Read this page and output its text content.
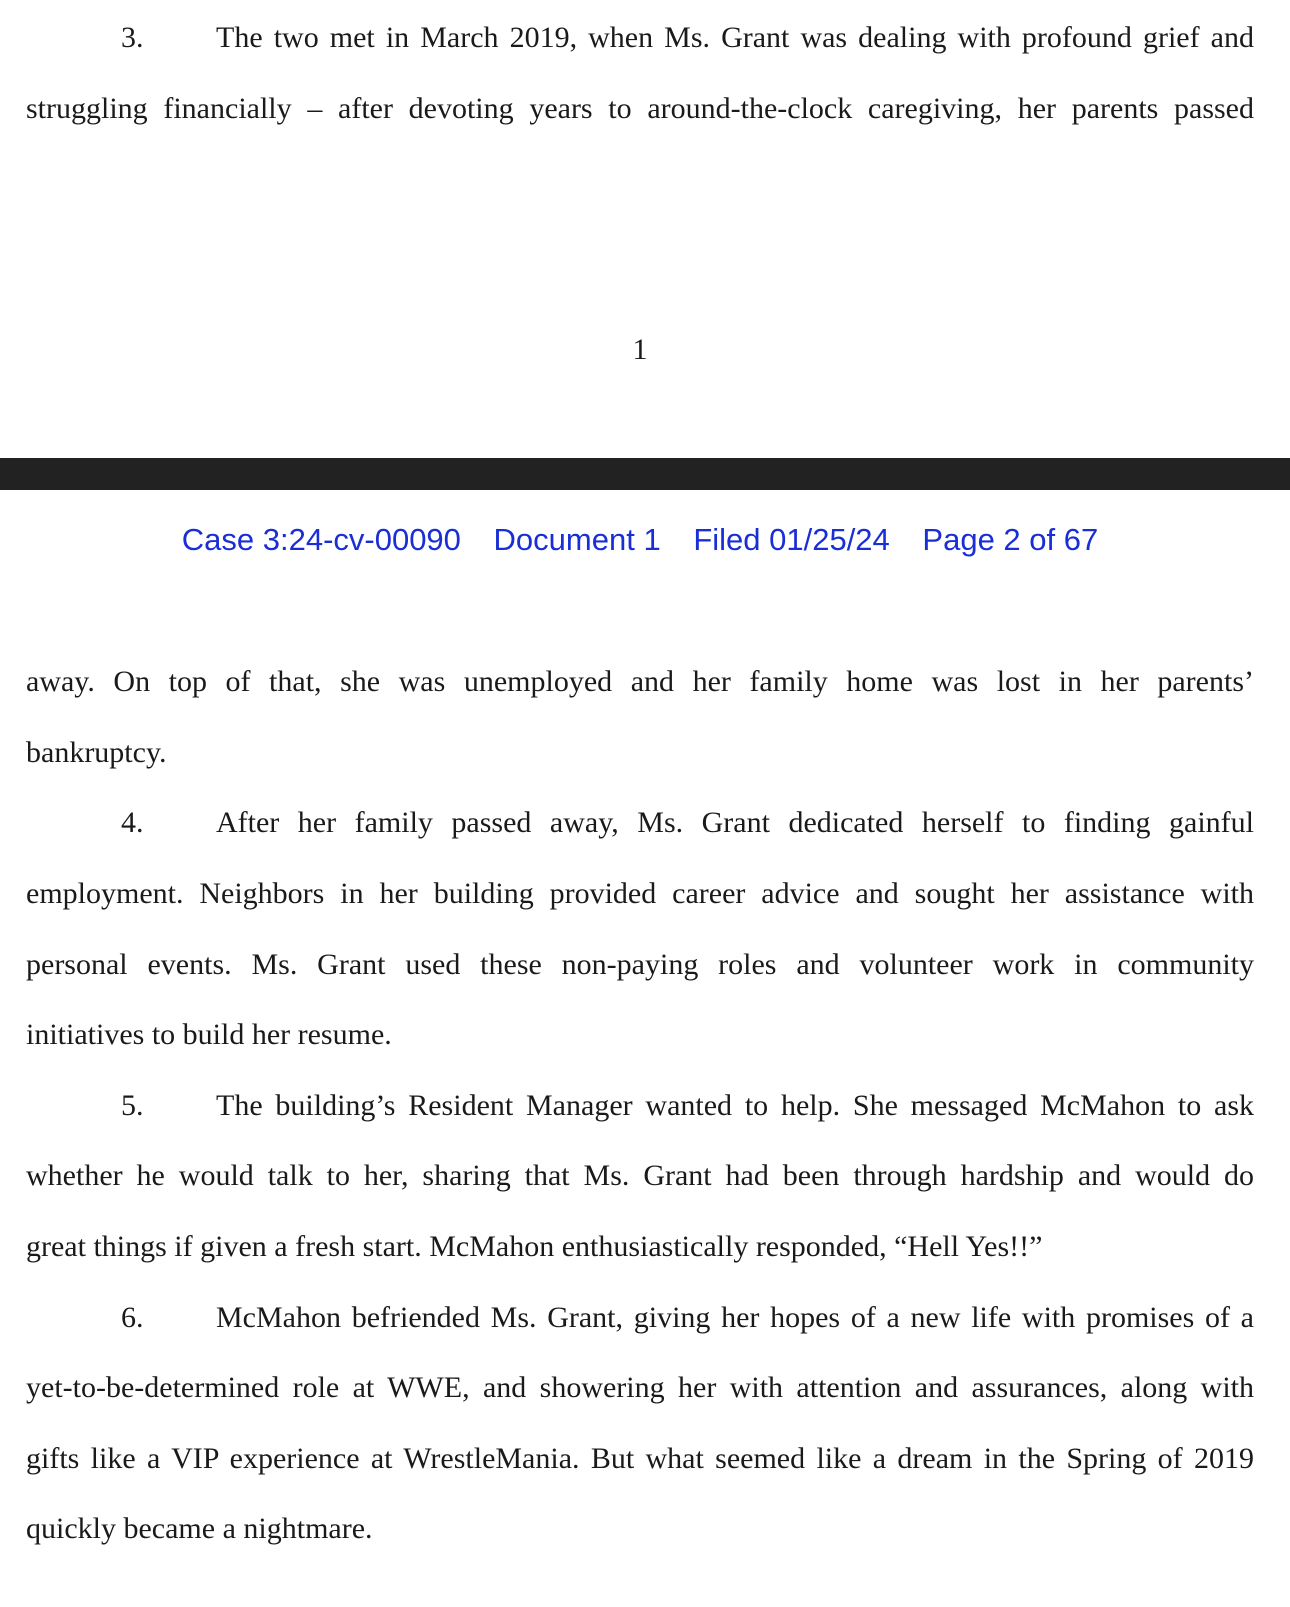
3. The two met in March 2019, when Ms. Grant was dealing with profound grief and
struggling financially – after devoting years to around-the-clock caregiving, her parents passed
1
Case 3:24-cv-00090 Document 1 Filed 01/25/24 Page 2 of 67
away. On top of that, she was unemployed and her family home was lost in her parents’
bankruptcy.
4. After her family passed away, Ms. Grant dedicated herself to finding gainful
employment. Neighbors in her building provided career advice and sought her assistance with
personal events. Ms. Grant used these non-paying roles and volunteer work in community
initiatives to build her resume.
5. The building’s Resident Manager wanted to help. She messaged McMahon to ask
whether he would talk to her, sharing that Ms. Grant had been through hardship and would do
great things if given a fresh start. McMahon enthusiastically responded, “Hell Yes!!”
6. McMahon befriended Ms. Grant, giving her hopes of a new life with promises of a
yet-to-be-determined role at WWE, and showering her with attention and assurances, along with
gifts like a VIP experience at WrestleMania. But what seemed like a dream in the Spring of 2019
quickly became a nightmare.
